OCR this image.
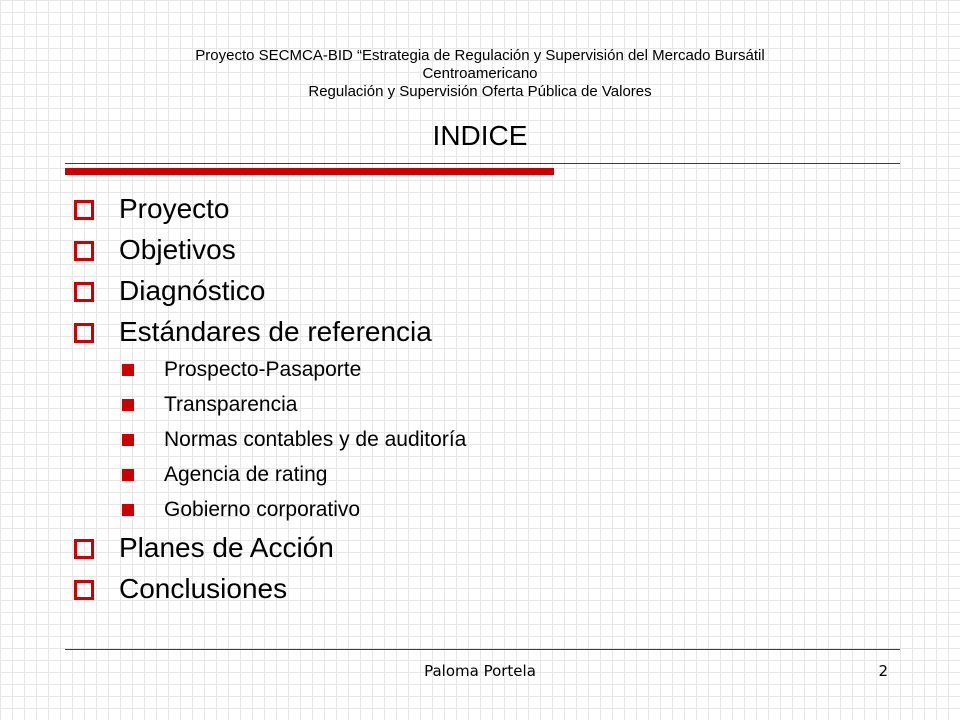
Proyecto SECMCA-BID “Estrategia de Regulación y Supervisión del Mercado Bursátil
Centroamericano
Regulación y Supervisión Oferta Pública de Valores
INDICE
Proyecto
Objetivos
Diagnóstico
Estándares de referencia
Prospecto-Pasaporte
Transparencia
Normas contables y de auditoría
Agencia de rating
Gobierno corporativo
Planes de Acción
Conclusiones
Paloma Portela	2
